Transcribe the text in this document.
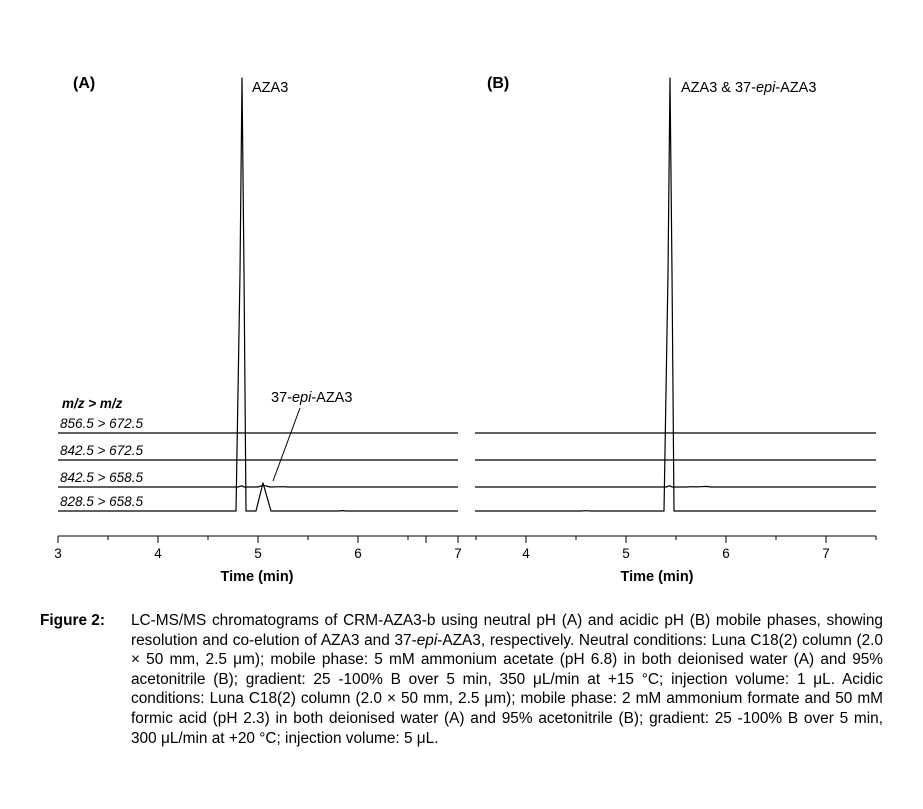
(A)
m/z > m/z
856.5 > 672.5
842.5 > 672.5
842.5 > 658.5
828.5 > 658.5
AZA3
37-epi-AZA3
3	4	5	6	7
Time (min)
(B)	AZA3 & 37-epi-AZA3
4	5	6	7
Time (min)
Figure 2: LC-MS/MS chromatograms of CRM-AZA3-b using neutral pH (A) and acidic pH (B) mobile phases, showing resolution and co-elution of AZA3 and 37-epi-AZA3, respectively. Neutral conditions: Luna C18(2) column (2.0 × 50 mm, 2.5 μm); mobile phase: 5 mM ammonium acetate (pH 6.8) in both deionised water (A) and 95% acetonitrile (B); gradient: 25 -100% B over 5 min, 350 μL/min at +15 °C; injection volume: 1 μL. Acidic conditions: Luna C18(2) column (2.0 × 50 mm, 2.5 μm); mobile phase: 2 mM ammonium formate and 50 mM formic acid (pH 2.3) in both deionised water (A) and 95% acetonitrile (B); gradient: 25 -100% B over 5 min, 300 μL/min at +20 °C; injection volume: 5 μL.
